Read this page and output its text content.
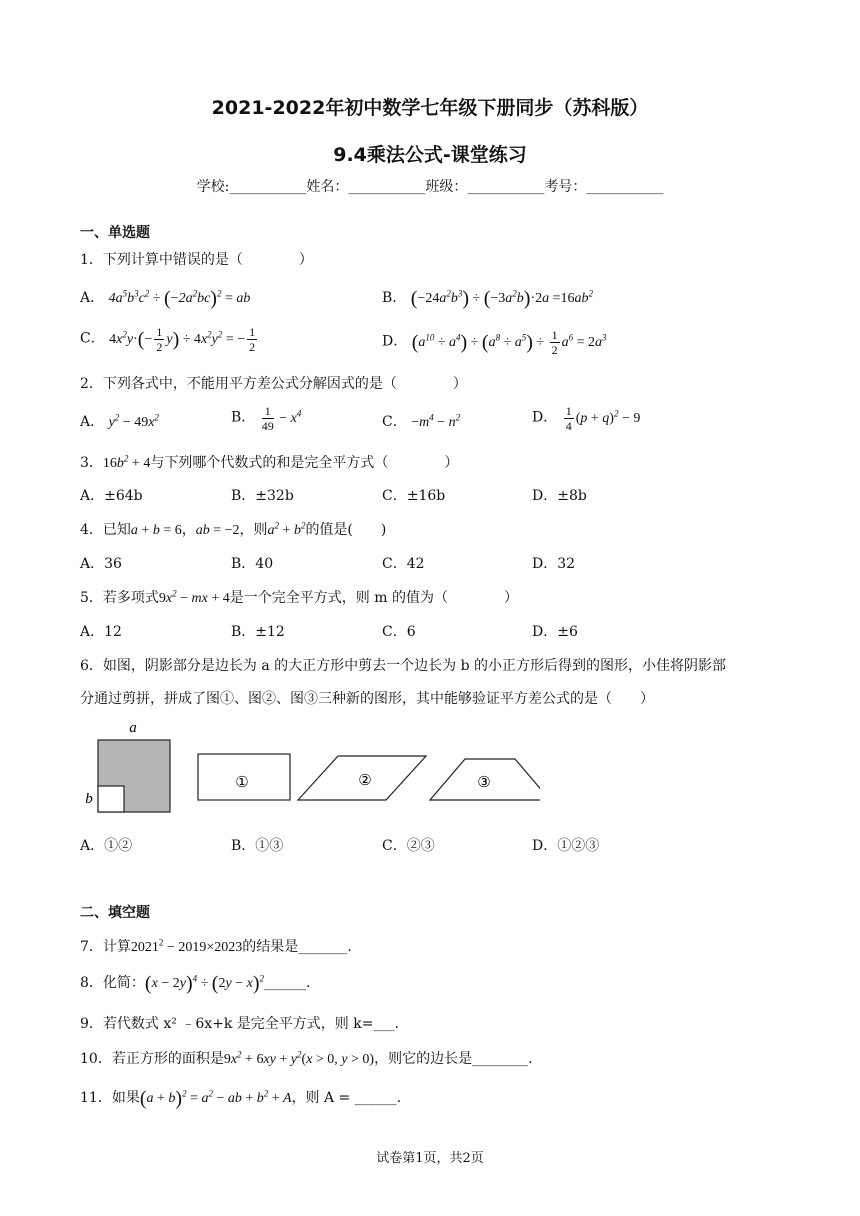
2021-2022年初中数学七年级下册同步（苏科版）
9.4乘法公式-课堂练习
学校:___________姓名：___________班级：___________考号：___________
一、单选题
1．下列计算中错误的是（　　　　）
A． $4a^5b^3c^2 \div (-2a^2bc)^2$ = ab	B． $(-24a^2b^3) \div (-3a^2b)\cdot 2a =16ab^2$
C． $4x^2y\cdot(- \frac{1}{2} y) \div 4x^2y^2$ = − $\frac{1}{2}$	D． $(a^{10} \div a^4) \div (a^8 \div a^5) \div \frac{1}{2} a^6 = 2a^3$
2．下列各式中，不能用平方差公式分解因式的是（　　　　）
A． $y^2 - 49x^2$	B． $\frac{1}{49} - x^4$
C． $-m^4 - n^2$	D． $\frac{1}{4} (p + q)^2 - 9$
3．$16b^2 + 4$与下列哪个代数式的和是完全平方式（　　　　）
A．±64b	B．±32b	C．±16b	D．±8b
4．已知a + b = 6，ab = −2，则$a^2 + b^2$的值是(　　)
A．36	B．40	C．42	D．32
5．若多项式$9x^2$ − mx + 4是一个完全平方式，则 m 的值为（　　　　）
A．12	B．±12	C．6	D．±6
6．如图，阴影部分是边长为 a 的大正方形中剪去一个边长为 b 的小正方形后得到的图形，小佳将阴影部
分通过剪拼，拼成了图①、图②、图③三种新的图形，其中能够验证平方差公式的是（　　）
a
b
①	②	③
A．①②	B．①③	C．②③	D．①②③
二、填空题
7．计算$2021^2 - 2019\times 2023$的结果是_______.
8．化简：$(x - 2y)^4 \div (2y$ − $x)^2\_\_\_\_\_\_$.
9．若代数式 x² ﹣6x+k 是完全平方式，则 k=___.
10．若正方形的面积是$9x^2 + 6xy + y^2(x > 0$, y > 0)，则它的边长是________.
11．如果$(a + b)^2 = a^2$ − ab + $b^2 + A$，则 A = ______.
试卷第1页，共2页
